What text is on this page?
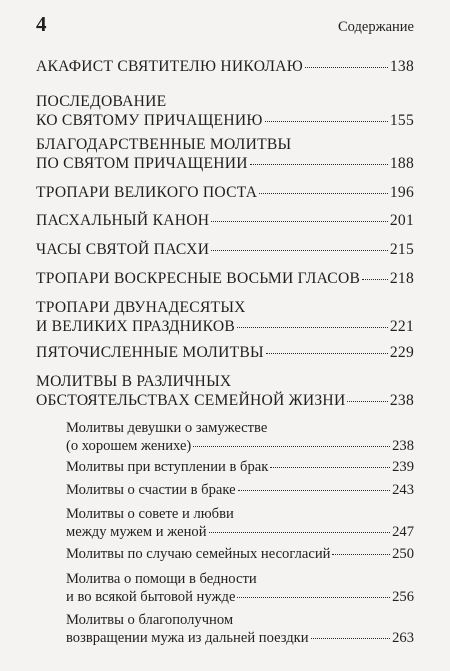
4	Содержание
АКАФИСТ СВЯТИТЕЛЮ НИКОЛАЮ	138
ПОСЛЕДОВАНИЕ
КО СВЯТОМУ ПРИЧАЩЕНИЮ	155
БЛАГОДАРСТВЕННЫЕ МОЛИТВЫ
ПО СВЯТОМ ПРИЧАЩЕНИИ	188
ТРОПАРИ ВЕЛИКОГО ПОСТА	196
ПАСХАЛЬНЫЙ КАНОН	201
ЧАСЫ СВЯТОЙ ПАСХИ	215
ТРОПАРИ ВОСКРЕСНЫЕ ВОСЬМИ ГЛАСОВ 218
ТРОПАРИ ДВУНАДЕСЯТЫХ
И ВЕЛИКИХ ПРАЗДНИКОВ	221
ПЯТОЧИСЛЕННЫЕ МОЛИТВЫ	229
МОЛИТВЫ В РАЗЛИЧНЫХ
ОБСТОЯТЕЛЬСТВАХ СЕМЕЙНОЙ ЖИЗНИ	238
Молитвы девушки о замужестве
(о хорошем женихе)	238
Молитвы при вступлении в брак	239
Молитвы о счастии в браке	243
Молитвы о совете и любви
между мужем и женой	247
Молитвы по случаю семейных несогласий	250
Молитва о помощи в бедности
и во всякой бытовой нужде	256
Молитвы о благополучном
возвращении мужа из дальней поездки	263
